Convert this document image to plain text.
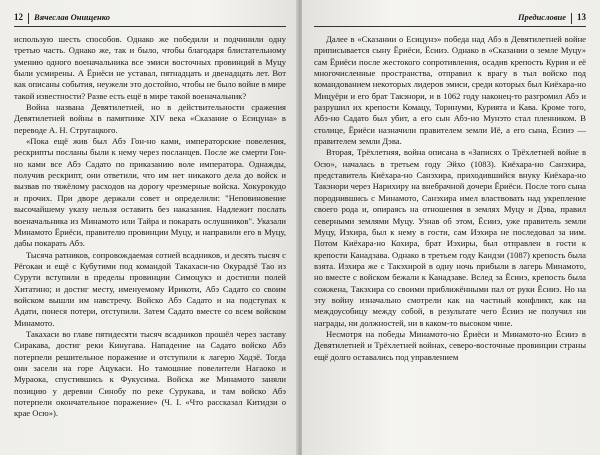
12 Вячеслав Онищенко

использую шесть способов. Однако же победили и подчинили одну третью часть. Однако же, так и было, чтобы благодаря блистательному умению одного военачальника все эмиси восточных провинций в Муцу были усмирены. А Ёриёси не уставал, пятнадцать и двенадцать лет. Вот как описаны события, неужели это достойно, чтобы не было войне в мире такой известности? Разве есть ещё в мире такой военачальник?

Война названа Девятилетней, но в действительности сражения Девятилетней войны в памятнике XIV века «Сказание о Есицуна» в переводе А. Н. Стругацкого.

«Пока ещё жив был Абэ Гон-но ками, императорские повеления, рескрипты посланы были к нему через посланцев. После же смерти Гон-но ками все Абэ Садато по приказанию воле императора. Однажды, получив рескрипт, они ответили, что им нет никакого дела до войск и вызвав по тяжёлому расходов на дорогу чрезмерные войска. Хокурокудо и прочих. При дворе держали совет и определили: "Неповиновение высочайшему указу нельзя оставить без наказания. Надлежит послать военачальника из Минамото или Тайра и покарать ослушников". Указали Минамото Ёриёси, правителю провинции Муцу, и направили его в Муцу, дабы покарать Абэ.

Тысяча ратников, сопровождаемая сотней всадников, и десять тысяч с Рёгокаи и ещё с Кубутими под командой Такахаси-но Окурадзё Тао из Сурути вступили в пределы провинции Симоцукэ и достигли полей Хитатино; и достиг месту, именуемому Ирикоти, Абэ Садато со своим войском вышли им навстречу. Войско Абэ Садато и на подступах к Адати, понеся потери, отступили. Затем Садато вместе со всем войском Минамото.

Такахаси во главе пятидесяти тысяч всадников прошёл через заставу Сиракава, достиг реки Кинугава. Нападение на Садато войско Абэ потерпели решительное поражение и отступили к лагерю Ходзё. Тогда они засели на горе Ацукаси. Но тамошние повелители Нагаоко и Мураока, спустившись к Фукусима. Войска же Минамото заняли позицию у деревни Синобу по реке Сурукава, и там войско Абэ потерпели окончательное поражение» (Ч. I. «Что рассказал Китидзи о крае Осю»).

Предисловие 13

Далее в «Сказании о Есицунэ» победа над Абэ в Девятилетней войне приписывается сыну Ёриёси, Ёсииэ. Однако в «Сказании о земле Муцу» сам Ёриёси после жестокого сопротивления, осадив крепость Курия и её многочисленные пространства, отправил к врагу в тыл войско под командованием некоторых лидеров эмиси, среди которых был Киёхара-но Мицуёри и его брат Такэнори, и в 1062 году наконец-то разгромил Абэ и разрушил их крепости Комацу, Торинуми, Курията и Кава. Кроме того, Абэ-но Садато был убит, а его сын Абэ-но Мунэто стал пленником. В столице, Ёриёси назначили правителем земли Иё, а его сына, Ёсииэ — правителем земли Дэва.

Вторая, Трёхлетняя, война описана в «Записях о Трёхлетней войне в Осю», началась в третьем году Эйхо (1083). Киёхара-но Санэхира, представитель Киёхара-но Санэхира, приходившийся внуку Киёхара-но Такэнори через Нарихиру на внебрачной дочери Ёриёси. После того сына породнившись с Минамото, Санэхира имел властвовать над укрепление своего рода и, опираясь на отношения в землях Муцу и Дэва, правил северными землями Муцу. Узнав об этом, Ёсииэ, уже правитель земли Муцу, Иэхира, был к нему в гости, сам Иэхира не последовал за ним. Потом Киёхара-но Кохира, брат Иэхиры, был отправлен в гости к крепости Канадзава. Однако в третьем году Кандзи (1087) крепость была взята. Иэхира же с Такэхирой в одну ночь прибыли в лагерь Минамото, но вместе с войском бежали к Канадзаве. Вслед за Ёсииэ, крепость была сожжена, Такэхира со своими приближёнными пал от руки Ёсииэ. Но на эту войну изначально смотрели как на частный конфликт, как на междоусобицу между собой, в результате чего Ёсииэ не получил ни награды, ни должностей, ни в каком-то высоком чине.

Несмотря на победы Минамото-но Ёриёси и Минамото-но Ёсииэ в Девятилетней и Трёхлетней войнах, северо-восточные провинции страны ещё долго оставались под управлением
